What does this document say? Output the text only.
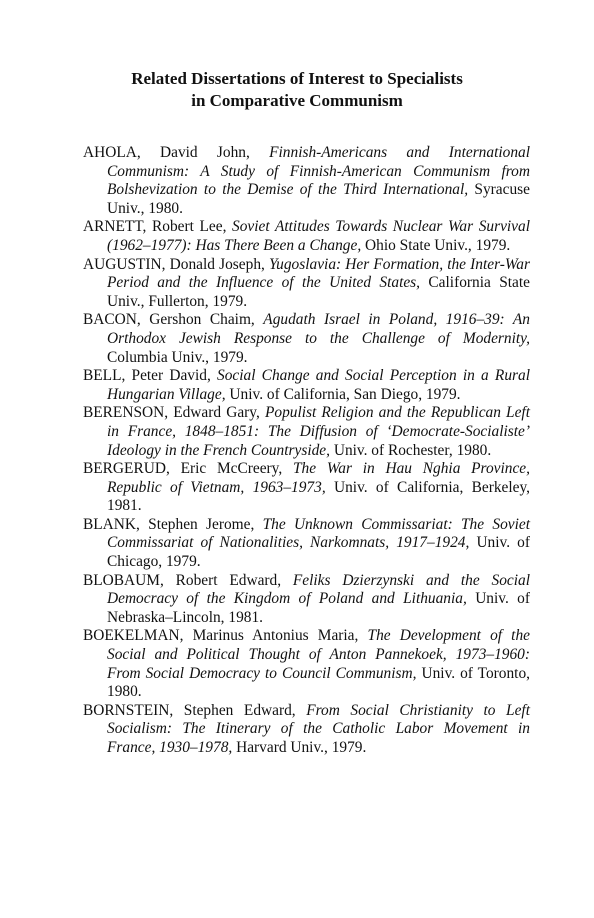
Related Dissertations of Interest to Specialists
in Comparative Communism

AHOLA, David John, Finnish-Americans and International Communism: A Study of Finnish-American Communism from Bolshevization to the Demise of the Third International, Syracuse Univ., 1980.

ARNETT, Robert Lee, Soviet Attitudes Towards Nuclear War Survival (1962–1977): Has There Been a Change, Ohio State Univ., 1979.

AUGUSTIN, Donald Joseph, Yugoslavia: Her Formation, the Inter-War Period and the Influence of the United States, California State Univ., Fullerton, 1979.

BACON, Gershon Chaim, Agudath Israel in Poland, 1916–39: An Orthodox Jewish Response to the Challenge of Modernity, Columbia Univ., 1979.

BELL, Peter David, Social Change and Social Perception in a Rural Hungarian Village, Univ. of California, San Diego, 1979.

BERENSON, Edward Gary, Populist Religion and the Republican Left in France, 1848–1851: The Diffusion of ‘Democrate-Socialiste’ Ideology in the French Countryside, Univ. of Rochester, 1980.

BERGERUD, Eric McCreery, The War in Hau Nghia Province, Republic of Vietnam, 1963–1973, Univ. of California, Berkeley, 1981.

BLANK, Stephen Jerome, The Unknown Commissariat: The Soviet Commissariat of Nationalities, Narkomnats, 1917–1924, Univ. of Chicago, 1979.

BLOBAUM, Robert Edward, Feliks Dzierzynski and the Social Democracy of the Kingdom of Poland and Lithuania, Univ. of Nebraska–Lincoln, 1981.

BOEKELMAN, Marinus Antonius Maria, The Development of the Social and Political Thought of Anton Pannekoek, 1973–1960: From Social Democracy to Council Communism, Univ. of Toronto, 1980.

BORNSTEIN, Stephen Edward, From Social Christianity to Left Socialism: The Itinerary of the Catholic Labor Movement in France, 1930–1978, Harvard Univ., 1979.
